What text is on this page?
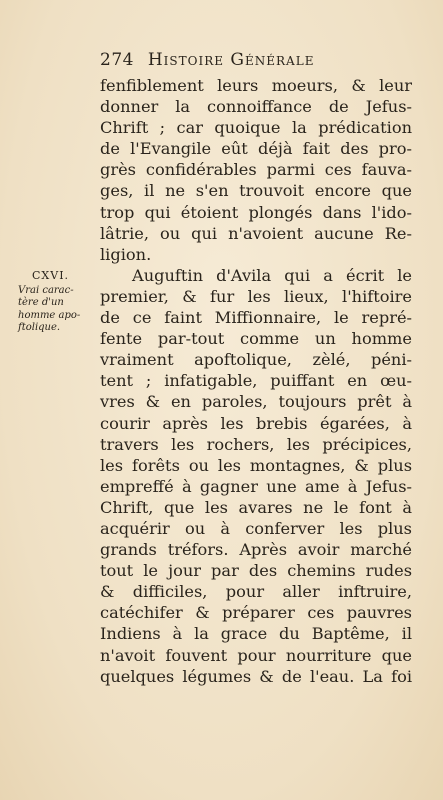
274 Histoire Générale
CXVI.
Vrai carac-
tère d'un
homme apo-
ftolique.
fenfiblement leurs moeurs, & leur
donner la connoiffance de Jefus-
Chrift ; car quoique la prédication
de l'Evangile eût déjà fait des pro-
grès confidérables parmi ces fauva-
ges, il ne s'en trouvoit encore que
trop qui étoient plongés dans l'ido-
lâtrie, ou qui n'avoient aucune Re-
ligion.
Auguftin d'Avila qui a écrit le
premier, & fur les lieux, l'hiftoire
de ce faint Miffionnaire, le repré-
fente par-tout comme un homme
vraiment apoftolique, zèlé, péni-
tent ; infatigable, puiffant en œu-
vres & en paroles, toujours prêt à
courir après les brebis égarées, à
travers les rochers, les précipices,
les forêts ou les montagnes, & plus
empreffé à gagner une ame à Jefus-
Chrift, que les avares ne le font à
acquérir ou à conferver les plus
grands tréfors. Après avoir marché
tout le jour par des chemins rudes
& difficiles, pour aller inftruire,
catéchifer & préparer ces pauvres
Indiens à la grace du Baptême, il
n'avoit fouvent pour nourriture que
quelques légumes & de l'eau. La foi
